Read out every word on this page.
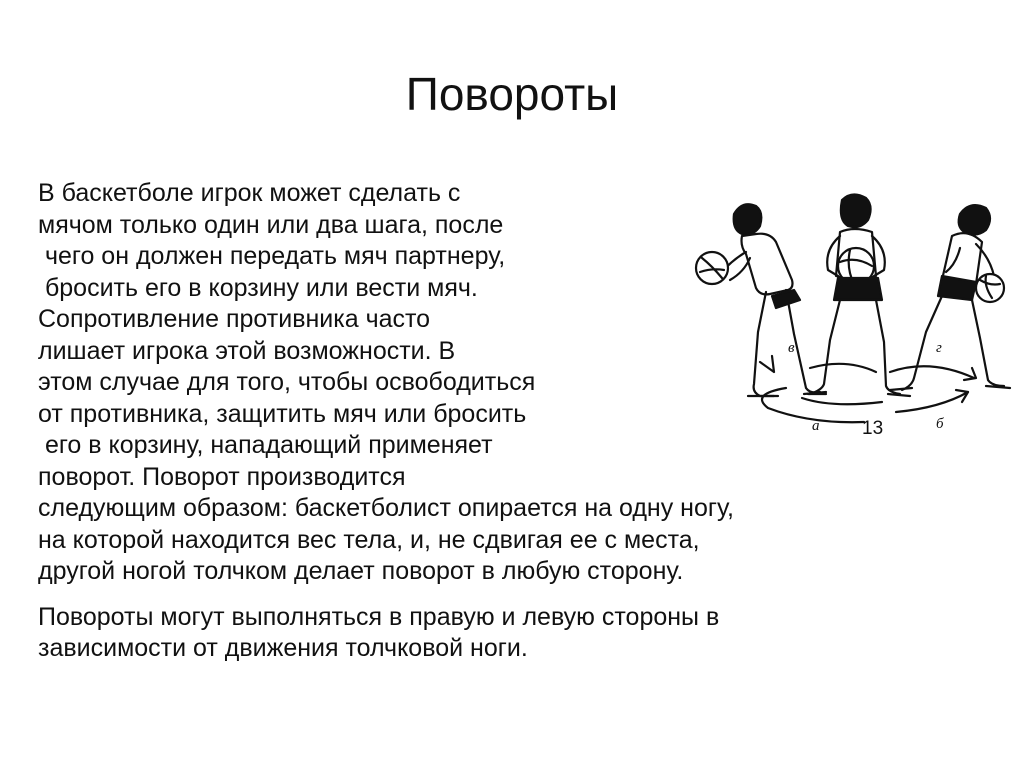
Повороты
В баскетболе игрок может сделать с
мячом только один или два шага, после
чего он должен передать мяч партнеру,
бросить его в корзину или вести мяч.
Сопротивление противника часто
лишает игрока этой возможности. В
этом случае для того, чтобы освободиться
от противника, защитить мяч или бросить
его в корзину, нападающий применяет
поворот. Поворот производится
следующим образом: баскетболист опирается на одну ногу,
на которой находится вес тела, и, не сдвигая ее с места,
другой ногой толчком делает поворот в любую сторону.
Повороты могут выполняться в правую и левую стороны в
зависимости от движения толчковой ноги.
в	г
а 13	б
